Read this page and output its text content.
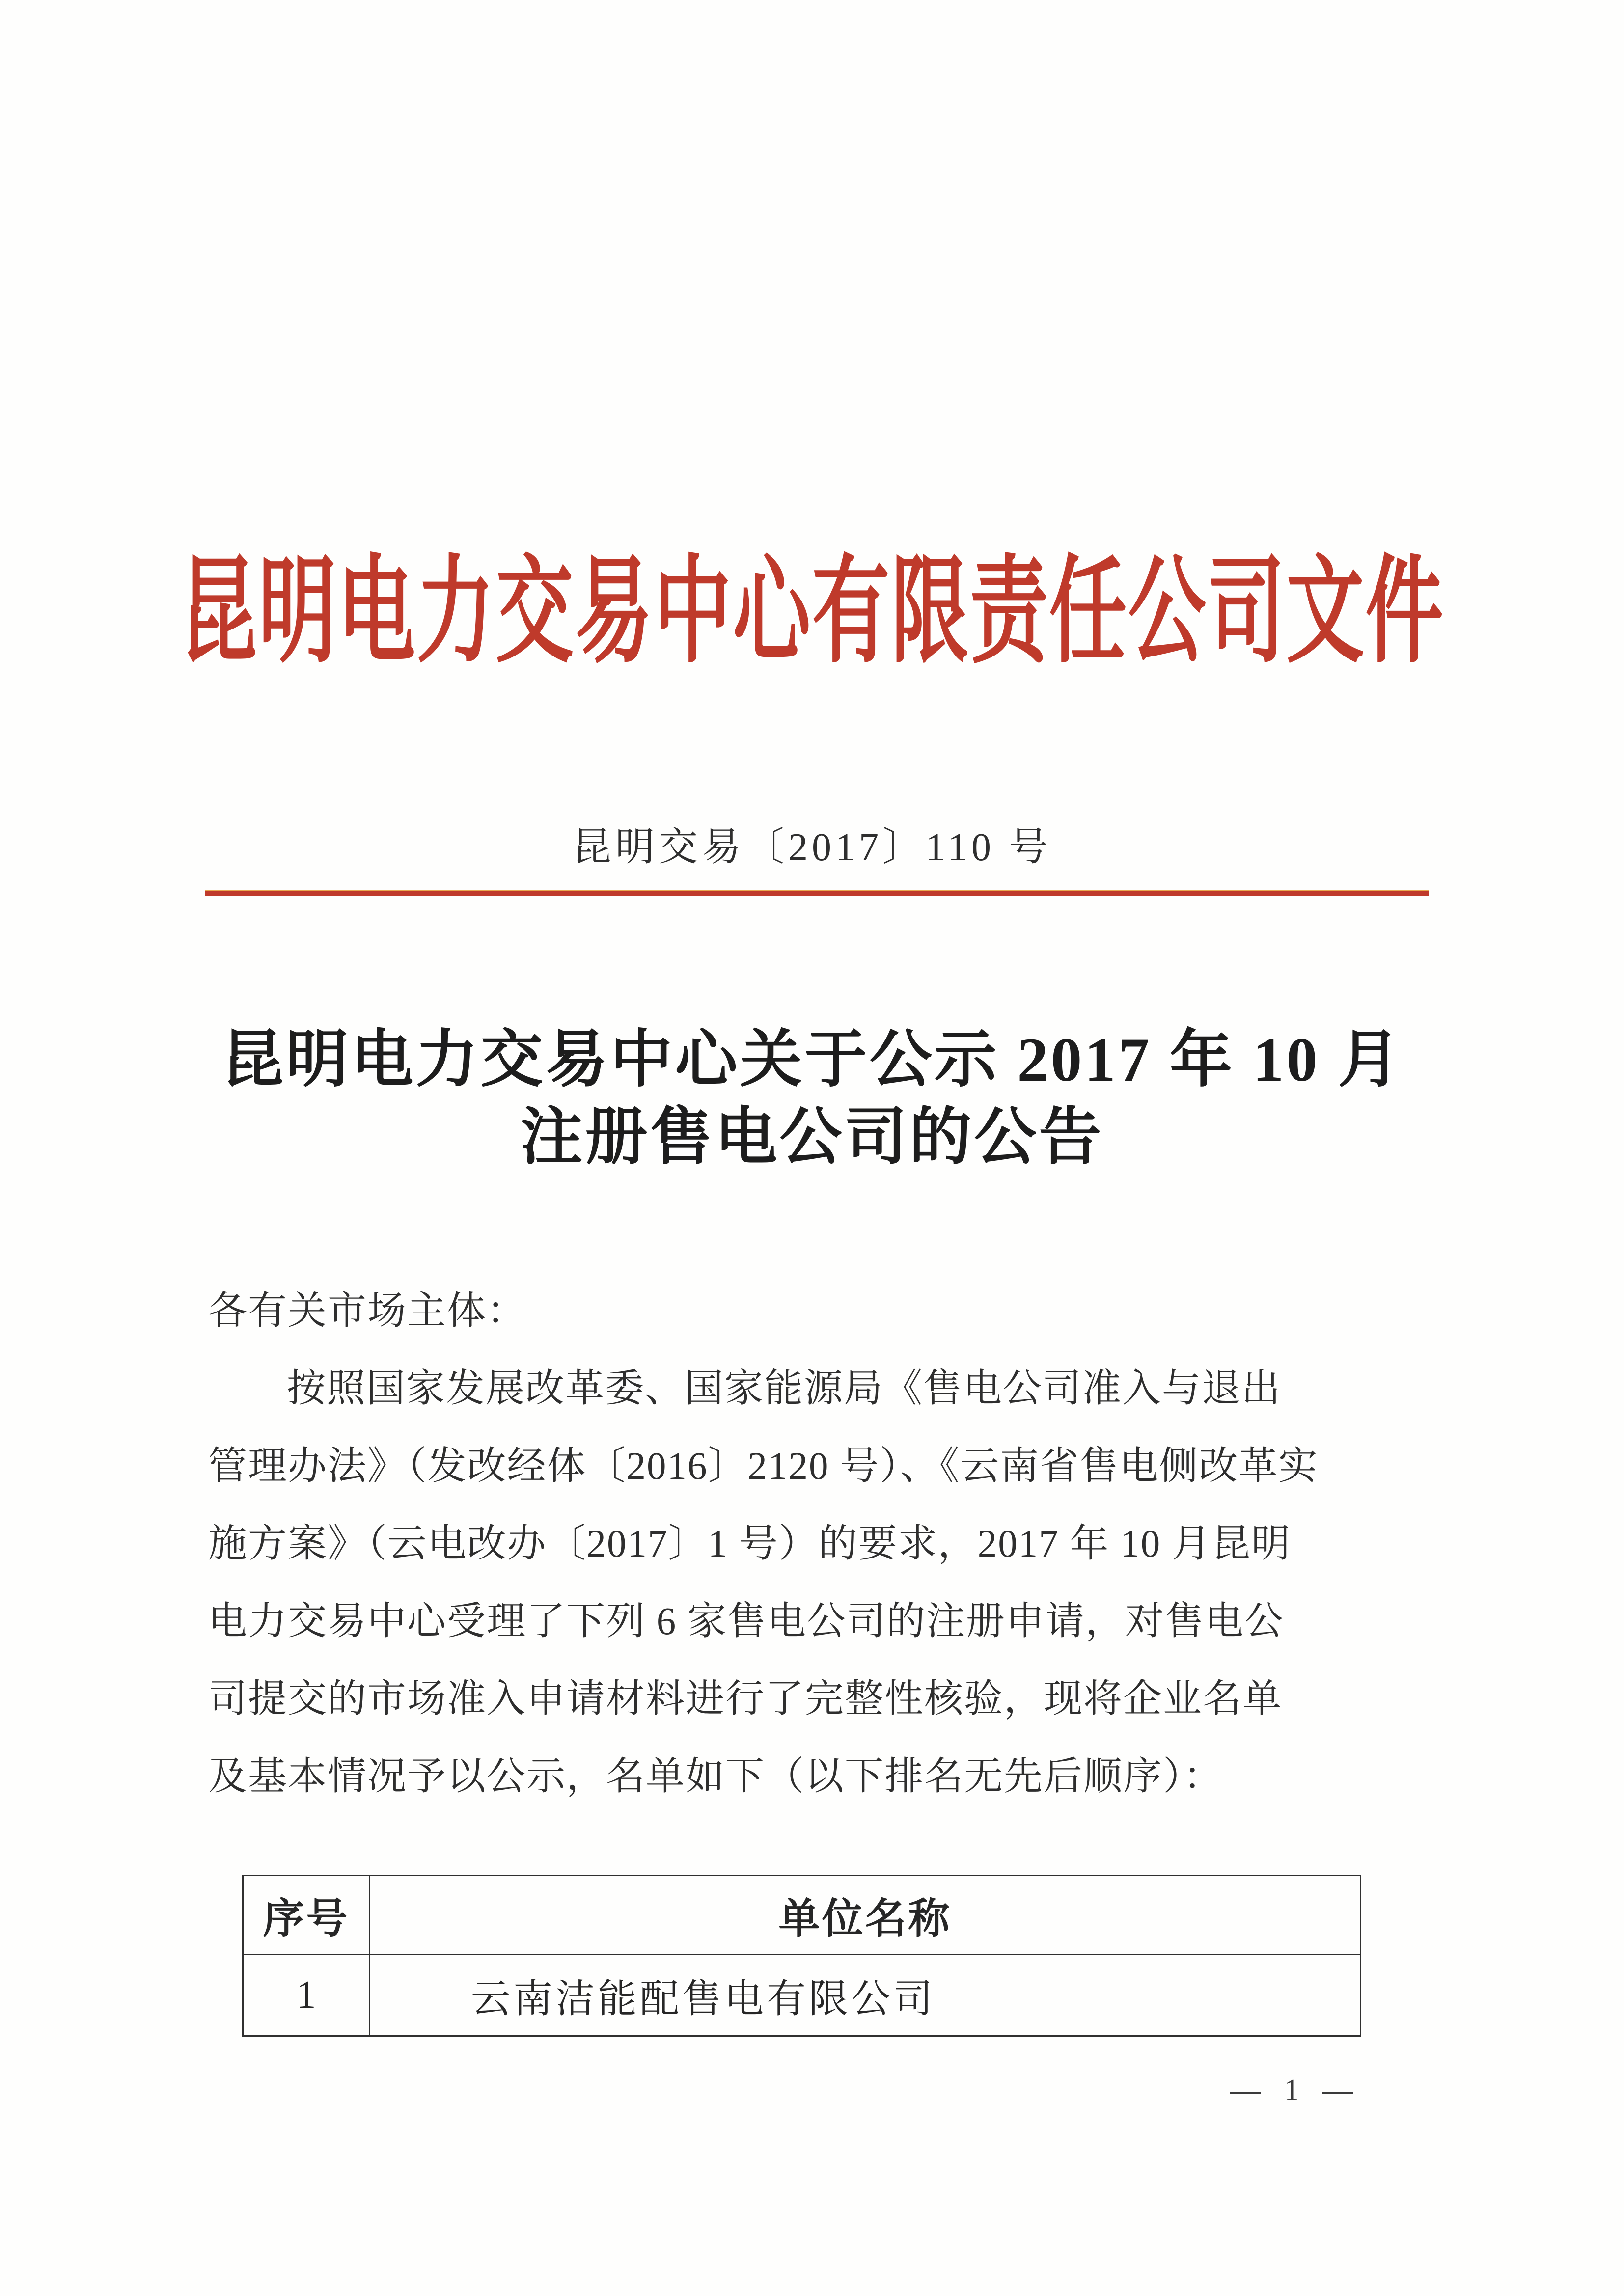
昆明电力交易中心有限责任公司文件
昆明交易〔2017〕110 号
昆明电力交易中心关于公示 2017 年 10 月
注册售电公司的公告
各有关市场主体：
按照国家发展改革委、国家能源局《售电公司准入与退出
管理办法》（发改经体〔2016〕2120 号）、《云南省售电侧改革实
施方案》（云电改办〔2017〕1 号）的要求，2017 年 10 月昆明
电力交易中心受理了下列 6 家售电公司的注册申请，对售电公
司提交的市场准入申请材料进行了完整性核验，现将企业名单
及基本情况予以公示，名单如下（以下排名无先后顺序）：
序号	单位名称
1	云南洁能配售电有限公司
— 1 —
